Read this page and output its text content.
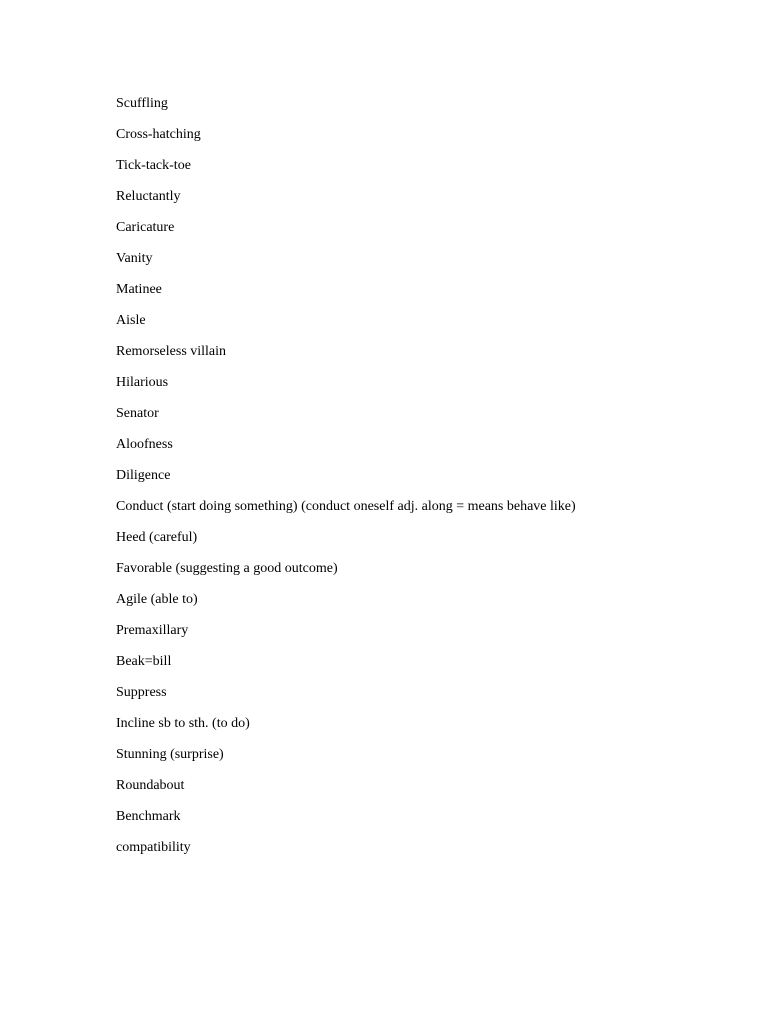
Scuffling
Cross-hatching
Tick-tack-toe
Reluctantly
Caricature
Vanity
Matinee
Aisle
Remorseless villain
Hilarious
Senator
Aloofness
Diligence
Conduct (start doing something) (conduct oneself adj. along = means behave like)
Heed (careful)
Favorable (suggesting a good outcome)
Agile (able to)
Premaxillary
Beak=bill
Suppress
Incline sb to sth. (to do)
Stunning (surprise)
Roundabout
Benchmark
compatibility
